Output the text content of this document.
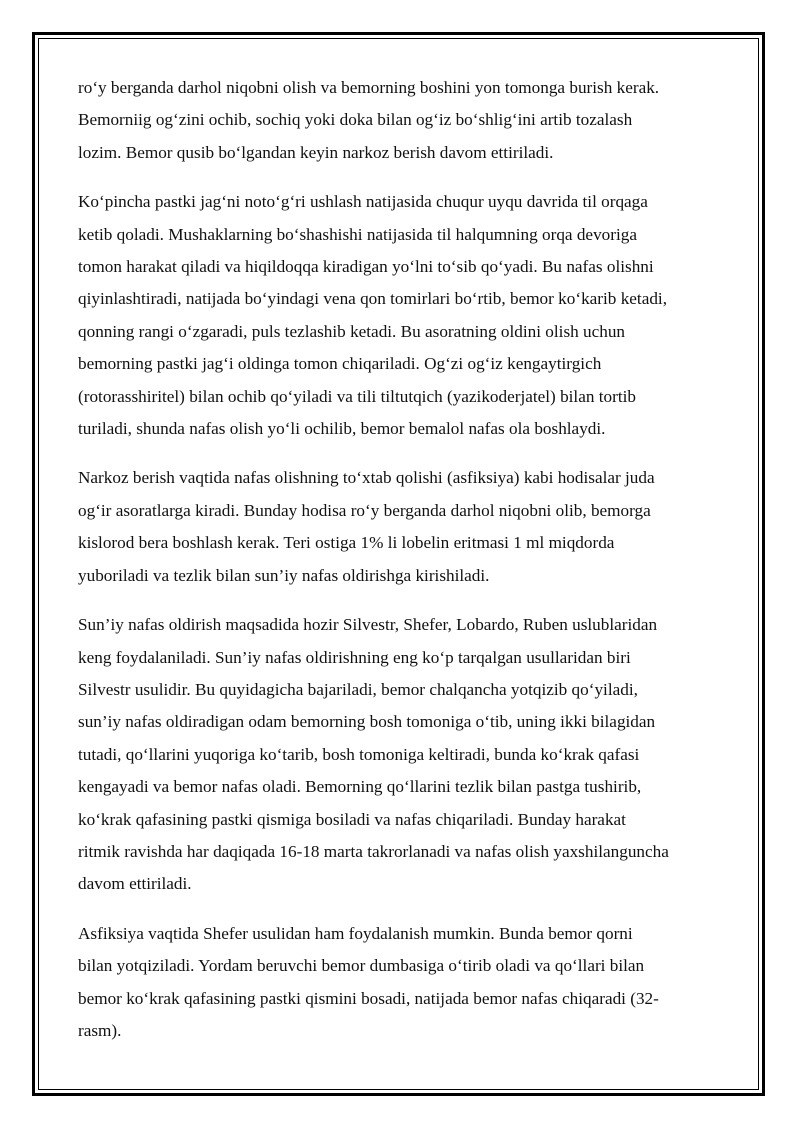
ro‘y berganda darhol niqobni olish va bemorning boshini yon tomonga burish kerak.
Bemorniig og‘zini ochib, sochiq yoki doka bilan og‘iz bo‘shlig‘ini artib tozalash
lozim. Bemor qusib bo‘lgandan keyin narkoz berish davom ettiriladi.

Ko‘pincha pastki jag‘ni noto‘g‘ri ushlash natijasida chuqur uyqu davrida til orqaga
ketib qoladi. Mushaklarning bo‘shashishi natijasida til halqumning orqa devoriga
tomon harakat qiladi va hiqildoqqa kiradigan yo‘lni to‘sib qo‘yadi. Bu nafas olishni
qiyinlashtiradi, natijada bo‘yindagi vena qon tomirlari bo‘rtib, bemor ko‘karib ketadi,
qonning rangi o‘zgaradi, puls tezlashib ketadi. Bu asoratning oldini olish uchun
bemorning pastki jag‘i oldinga tomon chiqariladi. Og‘zi og‘iz kengaytirgich
(rotorasshiritel) bilan ochib qo‘yiladi va tili tiltutqich (yazikoderjatel) bilan tortib
turiladi, shunda nafas olish yo‘li ochilib, bemor bemalol nafas ola boshlaydi.

Narkoz berish vaqtida nafas olishning to‘xtab qolishi (asfiksiya) kabi hodisalar juda
og‘ir asoratlarga kiradi. Bunday hodisa ro‘y berganda darhol niqobni olib, bemorga
kislorod bera boshlash kerak. Teri ostiga 1% li lobelin eritmasi 1 ml miqdorda
yuboriladi va tezlik bilan sun’iy nafas oldirishga kirishiladi.

Sun’iy nafas oldirish maqsadida hozir Silvestr, Shefer, Lobardo, Ruben uslublaridan
keng foydalaniladi. Sun’iy nafas oldirishning eng ko‘p tarqalgan usullaridan biri
Silvestr usulidir. Bu quyidagicha bajariladi, bemor chalqancha yotqizib qo‘yiladi,
sun’iy nafas oldiradigan odam bemorning bosh tomoniga o‘tib, uning ikki bilagidan
tutadi, qo‘llarini yuqoriga ko‘tarib, bosh tomoniga keltiradi, bunda ko‘krak qafasi
kengayadi va bemor nafas oladi. Bemorning qo‘llarini tezlik bilan pastga tushirib,
ko‘krak qafasining pastki qismiga bosiladi va nafas chiqariladi. Bunday harakat
ritmik ravishda har daqiqada 16-18 marta takrorlanadi va nafas olish yaxshilanguncha
davom ettiriladi.

Asfiksiya vaqtida Shefer usulidan ham foydalanish mumkin. Bunda bemor qorni
bilan yotqiziladi. Yordam beruvchi bemor dumbasiga o‘tirib oladi va qo‘llari bilan
bemor ko‘krak qafasining pastki qismini bosadi, natijada bemor nafas chiqaradi (32-
rasm).
